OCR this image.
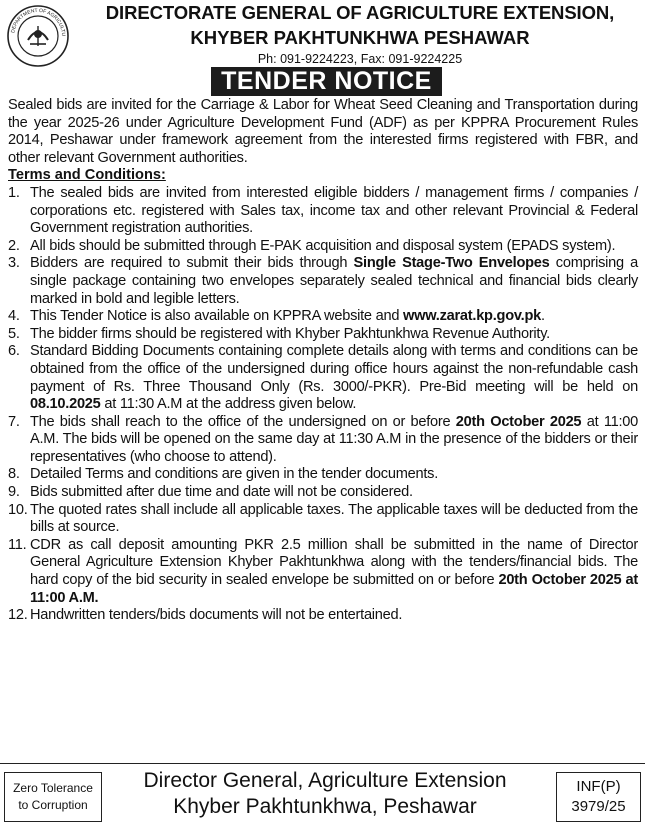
DEPARTMENT OF AGRICULTU
DIRECTORATE GENERAL OF AGRICULTURE EXTENSION,
KHYBER PAKHTUNKHWA PESHAWAR
Ph: 091-9224223, Fax: 091-9224225
TENDER NOTICE

Sealed bids are invited for the Carriage & Labor for Wheat Seed Cleaning and Transportation during the year 2025-26 under Agriculture Development Fund (ADF) as per KPPRA Procurement Rules 2014, Peshawar under framework agreement from the interested firms registered with FBR, and other relevant Government authorities.

Terms and Conditions:
1. The sealed bids are invited from interested eligible bidders / management firms / companies / corporations etc. registered with Sales tax, income tax and other relevant Provincial & Federal Government registration authorities.
2. All bids should be submitted through E-PAK acquisition and disposal system (EPADS system).
3. Bidders are required to submit their bids through Single Stage-Two Envelopes comprising a single package containing two envelopes separately sealed technical and financial bids clearly marked in bold and legible letters.
4. This Tender Notice is also available on KPPRA website and www.zarat.kp.gov.pk.
5. The bidder firms should be registered with Khyber Pakhtunkhwa Revenue Authority.
6. Standard Bidding Documents containing complete details along with terms and conditions can be obtained from the office of the undersigned during office hours against the non-refundable cash payment of Rs. Three Thousand Only (Rs. 3000/-PKR). Pre-Bid meeting will be held on 08.10.2025 at 11:30 A.M at the address given below.
7. The bids shall reach to the office of the undersigned on or before 20th October 2025 at 11:00 A.M. The bids will be opened on the same day at 11:30 A.M in the presence of the bidders or their representatives (who choose to attend).
8. Detailed Terms and conditions are given in the tender documents.
9. Bids submitted after due time and date will not be considered.
10. The quoted rates shall include all applicable taxes. The applicable taxes will be deducted from the bills at source.
11. CDR as call deposit amounting PKR 2.5 million shall be submitted in the name of Director General Agriculture Extension Khyber Pakhtunkhwa along with the tenders/financial bids. The hard copy of the bid security in sealed envelope be submitted on or before 20th October 2025 at 11:00 A.M.
12. Handwritten tenders/bids documents will not be entertained.
Zero Tolerance
to Corruption
Director General, Agriculture Extension
Khyber Pakhtunkhwa, Peshawar
INF(P)
3979/25
